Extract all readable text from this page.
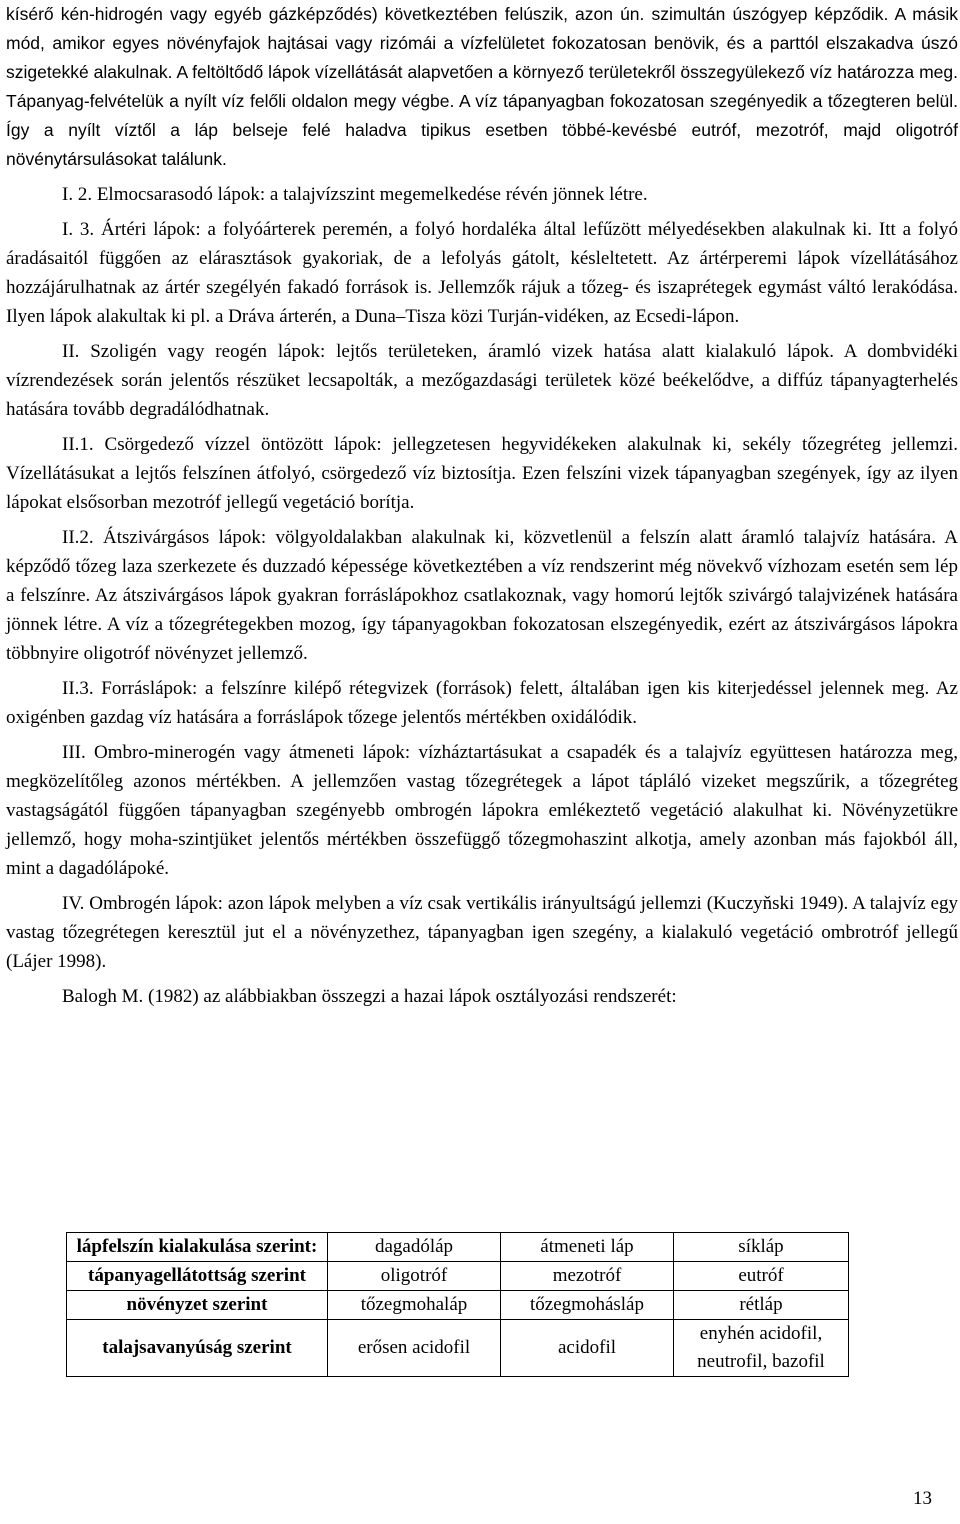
kísérő kén-hidrogén vagy egyéb gázképződés) következtében felúszik, azon ún. szimultán úszógyep képződik. A másik mód, amikor egyes növényfajok hajtásai vagy rizómái a vízfelületet fokozatosan benövik, és a parttól elszakadva úszó szigetekké alakulnak. A feltöltődő lápok vízellátását alapvetően a környező területekről összegyülekező víz határozza meg. Tápanyag-felvételük a nyílt víz felőli oldalon megy végbe. A víz tápanyagban fokozatosan szegényedik a tőzegteren belül. Így a nyílt víztől a láp belseje felé haladva tipikus esetben többé-kevésbé eutróf, mezotróf, majd oligotróf növénytársulásokat találunk.

I. 2. Elmocsarasodó lápok: a talajvízszint megemelkedése révén jönnek létre.

I. 3. Ártéri lápok: a folyóárterek peremén, a folyó hordaléka által lefűzött mélyedésekben alakulnak ki. Itt a folyó áradásaitól függően az elárasztások gyakoriak, de a lefolyás gátolt, késleltetett. Az ártérperemi lápok vízellátásához hozzájárulhatnak az ártér szegélyén fakadó források is. Jellemzők rájuk a tőzeg- és iszaprétegek egymást váltó lerakódása. Ilyen lápok alakultak ki pl. a Dráva árterén, a Duna–Tisza közi Turján-vidéken, az Ecsedi-lápon.

II. Szoligén vagy reogén lápok: lejtős területeken, áramló vizek hatása alatt kialakuló lápok. A dombvidéki vízrendezések során jelentős részüket lecsapolták, a mezőgazdasági területek közé beékelődve, a diffúz tápanyagterhelés hatására tovább degradálódhatnak.

II.1. Csörgedező vízzel öntözött lápok: jellegzetesen hegyvidékeken alakulnak ki, sekély tőzegréteg jellemzi. Vízellátásukat a lejtős felszínen átfolyó, csörgedező víz biztosítja. Ezen felszíni vizek tápanyagban szegények, így az ilyen lápokat elsősorban mezotróf jellegű vegetáció borítja.

II.2. Átszivárgásos lápok: völgyoldalakban alakulnak ki, közvetlenül a felszín alatt áramló talajvíz hatására. A képződő tőzeg laza szerkezete és duzzadó képessége következtében a víz rendszerint még növekvő vízhozam esetén sem lép a felszínre. Az átszivárgásos lápok gyakran forráslápokhoz csatlakoznak, vagy homorú lejtők szivárgó talajvizének hatására jönnek létre. A víz a tőzegrétegekben mozog, így tápanyagokban fokozatosan elszegényedik, ezért az átszivárgásos lápokra többnyire oligotróf növényzet jellemző.

II.3. Forráslápok: a felszínre kilépő rétegvizek (források) felett, általában igen kis kiterjedéssel jelennek meg. Az oxigénben gazdag víz hatására a forráslápok tőzege jelentős mértékben oxidálódik.

III. Ombro-minerogén vagy átmeneti lápok: vízháztartásukat a csapadék és a talajvíz együttesen határozza meg, megközelítőleg azonos mértékben. A jellemzően vastag tőzegrétegek a lápot tápláló vizeket megszűrik, a tőzegréteg vastagságától függően tápanyagban szegényebb ombrogén lápokra emlékeztető vegetáció alakulhat ki. Növényzetükre jellemző, hogy moha-szintjüket jelentős mértékben összefüggő tőzegmohaszint alkotja, amely azonban más fajokból áll, mint a dagadólápoké.

IV. Ombrogén lápok: azon lápok melyben a víz csak vertikális irányultságú jellemzi (Kuczyňski 1949). A talajvíz egy vastag tőzegrétegen keresztül jut el a növényzethez, tápanyagban igen szegény, a kialakuló vegetáció ombrotróf jellegű (Lájer 1998).

Balogh M. (1982) az alábbiakban összegzi a hazai lápok osztályozási rendszerét:

lápfelszín kialakulása szerint:	dagadóláp	átmeneti láp	síkláp
tápanyagellátottság szerint	oligotróf	mezotróf	eutróf
növényzet szerint	tőzegmohaláp	tőzegmohásláp	rétláp
talajsavanyúság szerint	erősen acidofil	acidofil	enyhén acidofil, neutrofil, bazofil
13
